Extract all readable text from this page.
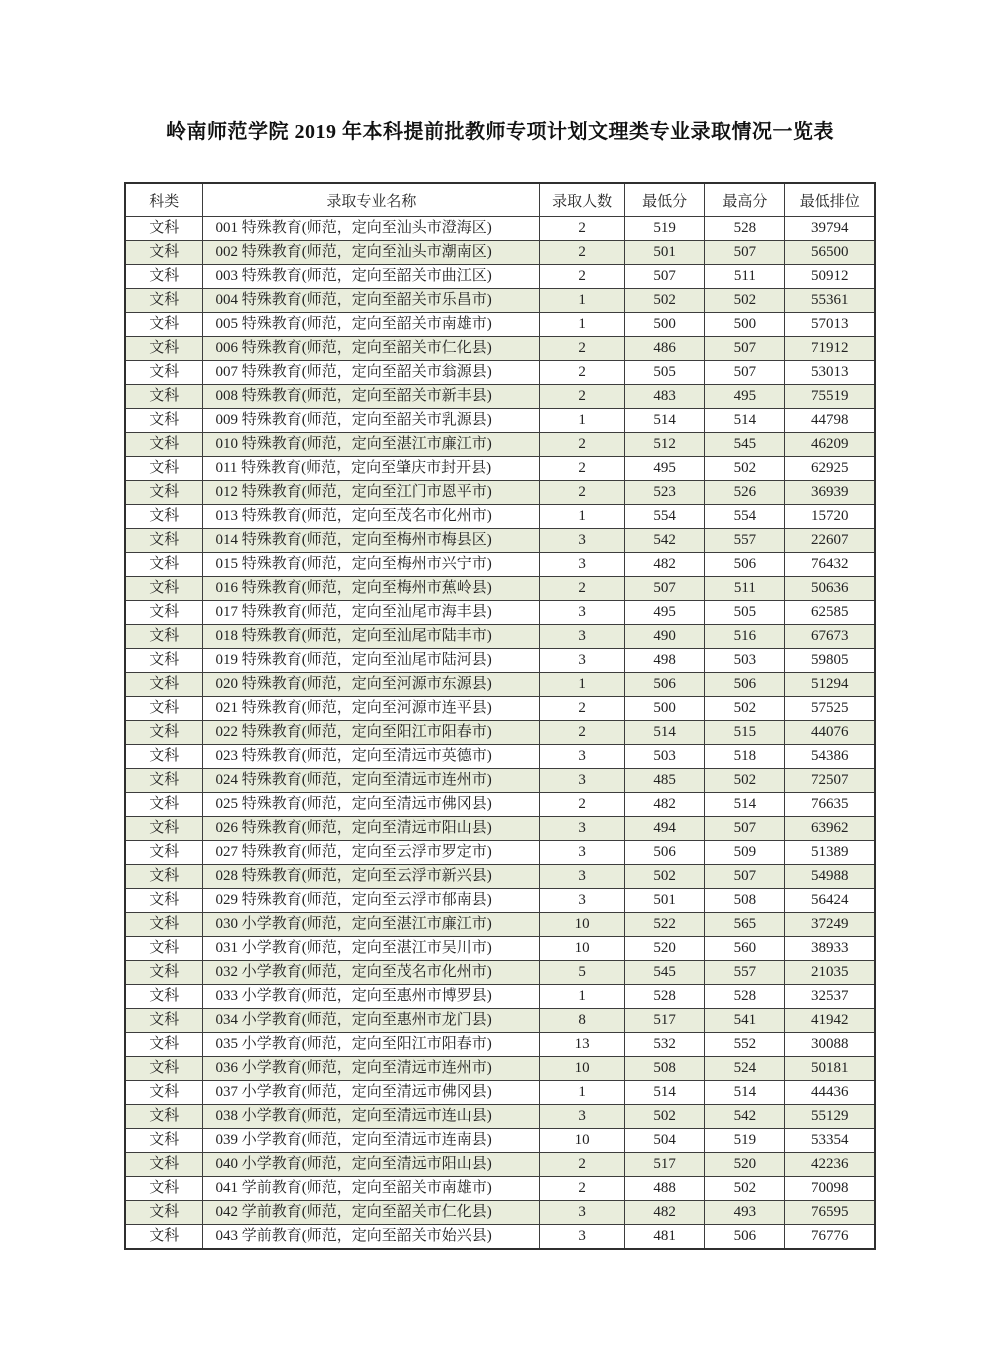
岭南师范学院 2019 年本科提前批教师专项计划文理类专业录取情况一览表
科类	录取专业名称	录取人数	最低分	最高分	最低排位
文科	001 特殊教育(师范，定向至汕头市澄海区)	2	519	528	39794
文科	002 特殊教育(师范，定向至汕头市潮南区)	2	501	507	56500
文科	003 特殊教育(师范，定向至韶关市曲江区)	2	507	511	50912
文科	004 特殊教育(师范，定向至韶关市乐昌市)	1	502	502	55361
文科	005 特殊教育(师范，定向至韶关市南雄市)	1	500	500	57013
文科	006 特殊教育(师范，定向至韶关市仁化县)	2	486	507	71912
文科	007 特殊教育(师范，定向至韶关市翁源县)	2	505	507	53013
文科	008 特殊教育(师范，定向至韶关市新丰县)	2	483	495	75519
文科	009 特殊教育(师范，定向至韶关市乳源县)	1	514	514	44798
文科	010 特殊教育(师范，定向至湛江市廉江市)	2	512	545	46209
文科	011 特殊教育(师范，定向至肇庆市封开县)	2	495	502	62925
文科	012 特殊教育(师范，定向至江门市恩平市)	2	523	526	36939
文科	013 特殊教育(师范，定向至茂名市化州市)	1	554	554	15720
文科	014 特殊教育(师范，定向至梅州市梅县区)	3	542	557	22607
文科	015 特殊教育(师范，定向至梅州市兴宁市)	3	482	506	76432
文科	016 特殊教育(师范，定向至梅州市蕉岭县)	2	507	511	50636
文科	017 特殊教育(师范，定向至汕尾市海丰县)	3	495	505	62585
文科	018 特殊教育(师范，定向至汕尾市陆丰市)	3	490	516	67673
文科	019 特殊教育(师范，定向至汕尾市陆河县)	3	498	503	59805
文科	020 特殊教育(师范，定向至河源市东源县)	1	506	506	51294
文科	021 特殊教育(师范，定向至河源市连平县)	2	500	502	57525
文科	022 特殊教育(师范，定向至阳江市阳春市)	2	514	515	44076
文科	023 特殊教育(师范，定向至清远市英德市)	3	503	518	54386
文科	024 特殊教育(师范，定向至清远市连州市)	3	485	502	72507
文科	025 特殊教育(师范，定向至清远市佛冈县)	2	482	514	76635
文科	026 特殊教育(师范，定向至清远市阳山县)	3	494	507	63962
文科	027 特殊教育(师范，定向至云浮市罗定市)	3	506	509	51389
文科	028 特殊教育(师范，定向至云浮市新兴县)	3	502	507	54988
文科	029 特殊教育(师范，定向至云浮市郁南县)	3	501	508	56424
文科	030 小学教育(师范，定向至湛江市廉江市)	10	522	565	37249
文科	031 小学教育(师范，定向至湛江市吴川市)	10	520	560	38933
文科	032 小学教育(师范，定向至茂名市化州市)	5	545	557	21035
文科	033 小学教育(师范，定向至惠州市博罗县)	1	528	528	32537
文科	034 小学教育(师范，定向至惠州市龙门县)	8	517	541	41942
文科	035 小学教育(师范，定向至阳江市阳春市)	13	532	552	30088
文科	036 小学教育(师范，定向至清远市连州市)	10	508	524	50181
文科	037 小学教育(师范，定向至清远市佛冈县)	1	514	514	44436
文科	038 小学教育(师范，定向至清远市连山县)	3	502	542	55129
文科	039 小学教育(师范，定向至清远市连南县)	10	504	519	53354
文科	040 小学教育(师范，定向至清远市阳山县)	2	517	520	42236
文科	041 学前教育(师范，定向至韶关市南雄市)	2	488	502	70098
文科	042 学前教育(师范，定向至韶关市仁化县)	3	482	493	76595
文科	043 学前教育(师范，定向至韶关市始兴县)	3	481	506	76776
